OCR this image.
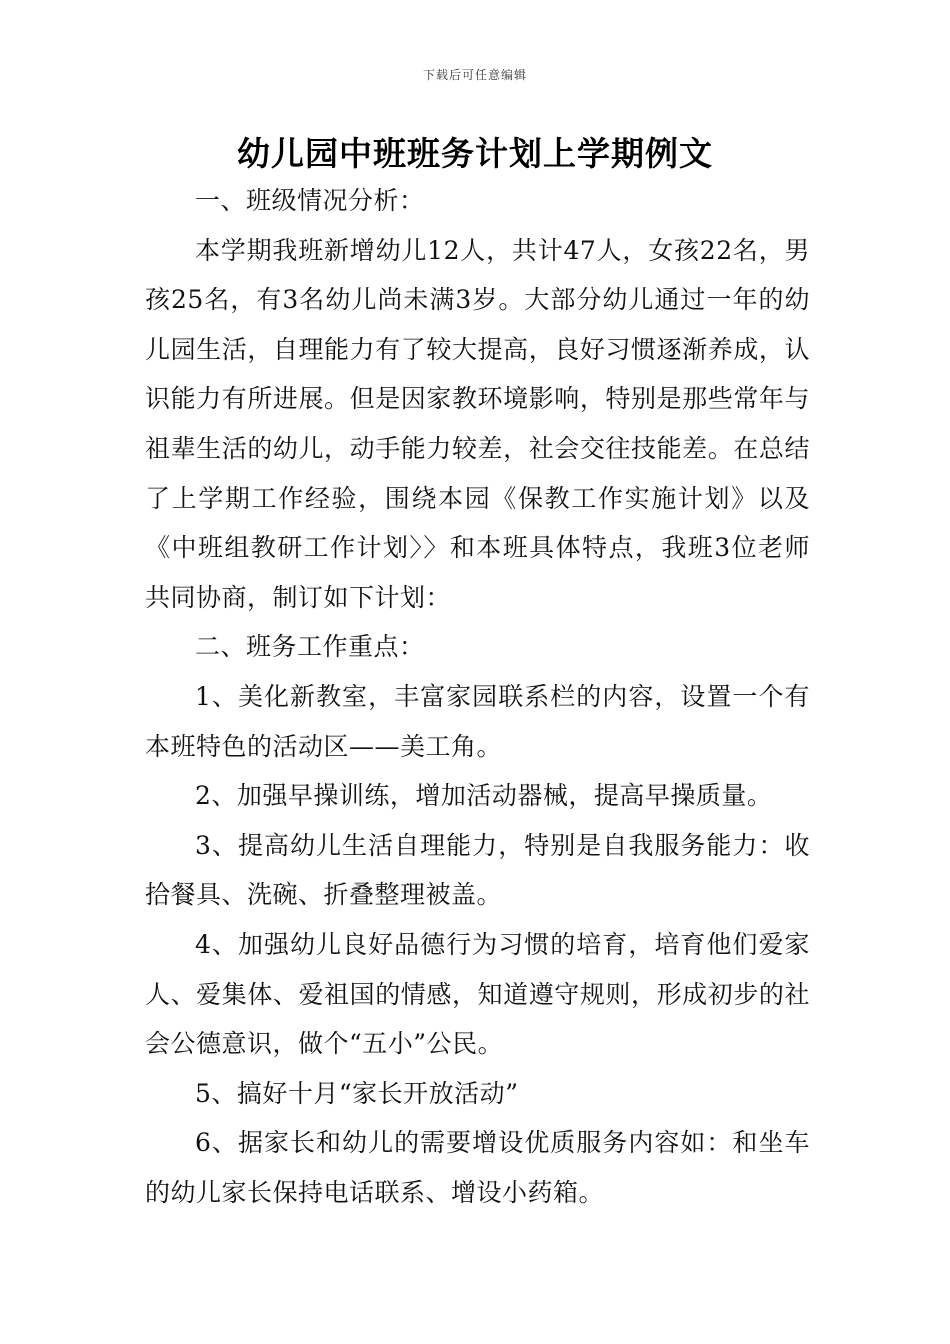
下载后可任意编辑
幼儿园中班班务计划上学期例文

一、班级情况分析：

本学期我班新增幼儿12人，共计47人，女孩22名，男孩25名，有3名幼儿尚未满3岁。大部分幼儿通过一年的幼儿园生活，自理能力有了较大提高，良好习惯逐渐养成，认识能力有所进展。但是因家教环境影响，特别是那些常年与祖辈生活的幼儿，动手能力较差，社会交往技能差。在总结了上学期工作经验，围绕本园《保教工作实施计划》以及《中班组教研工作计划〉〉和本班具体特点，我班3位老师共同协商，制订如下计划：

二、班务工作重点：

1、美化新教室，丰富家园联系栏的内容，设置一个有本班特色的活动区——美工角。

2、加强早操训练，增加活动器械，提高早操质量。

3、提高幼儿生活自理能力，特别是自我服务能力：收拾餐具、洗碗、折叠整理被盖。

4、加强幼儿良好品德行为习惯的培育，培育他们爱家人、爱集体、爱祖国的情感，知道遵守规则，形成初步的社会公德意识，做个“五小”公民。

5、搞好十月“家长开放活动”

6、据家长和幼儿的需要增设优质服务内容如：和坐车的幼儿家长保持电话联系、增设小药箱。
